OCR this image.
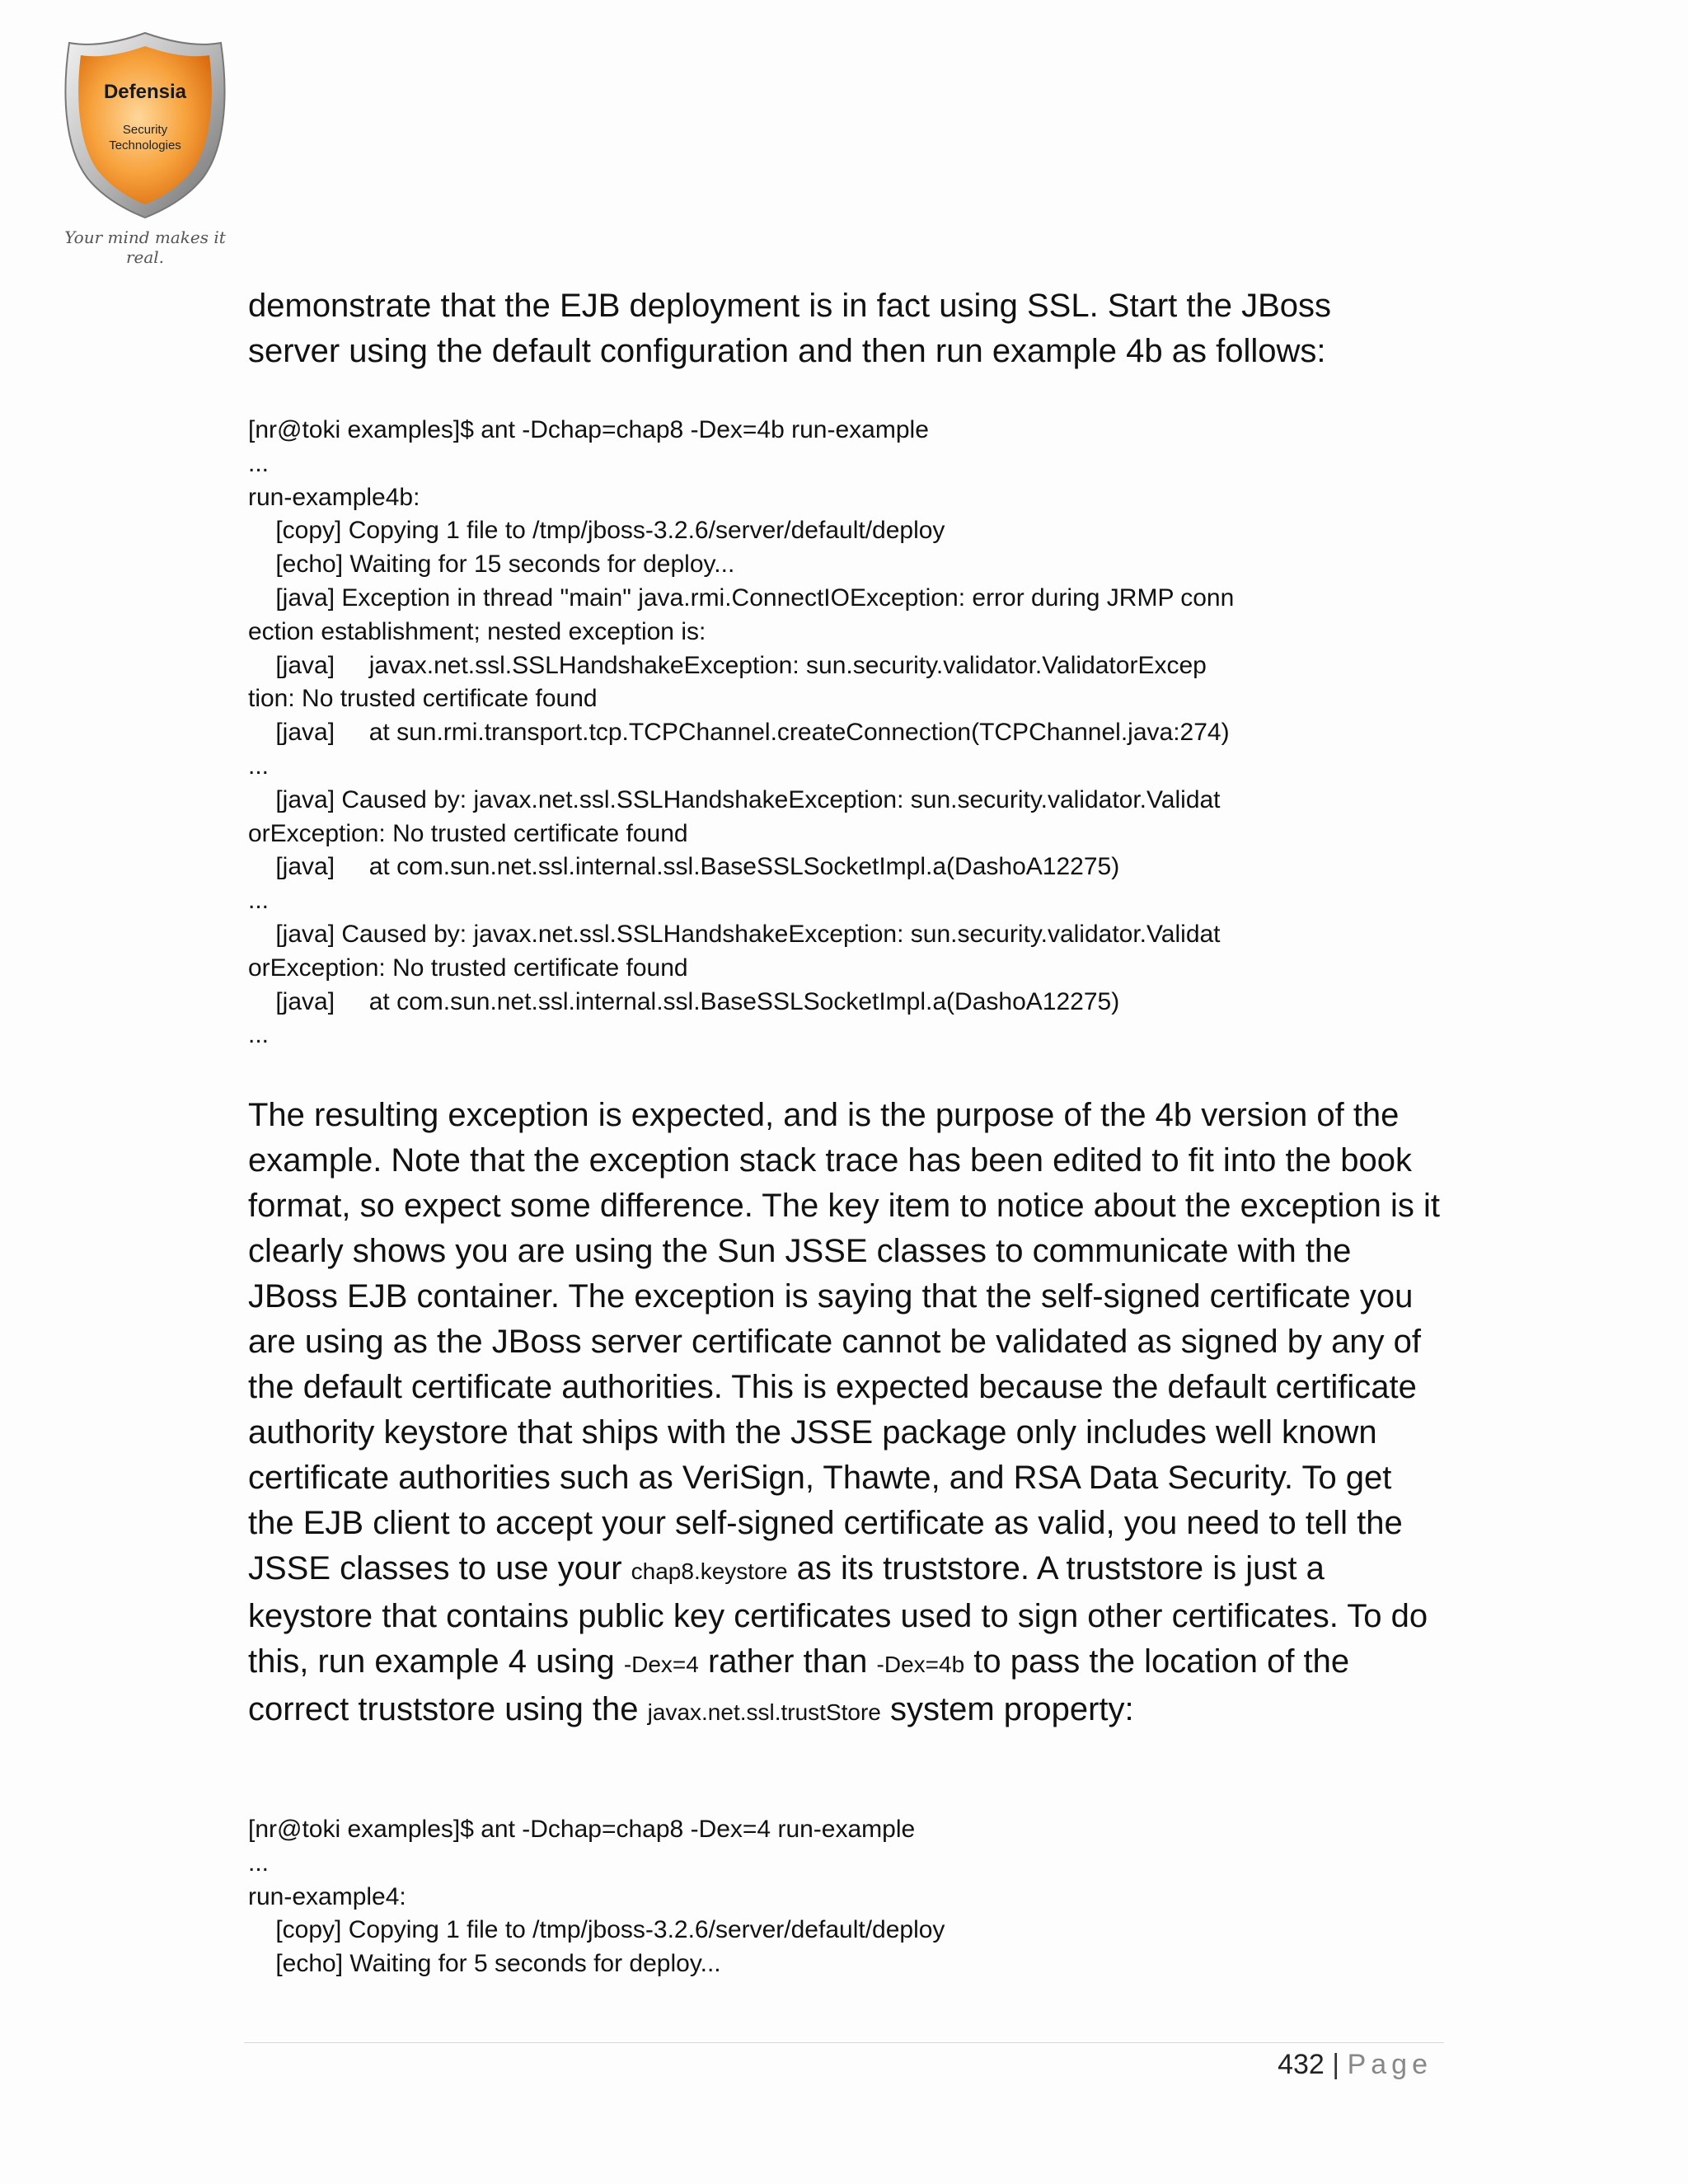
Defensia
Security
Technologies
Your mind makes it real.

demonstrate that the EJB deployment is in fact using SSL. Start the JBoss

server using the default configuration and then run example 4b as follows:

[nr@toki examples]$ ant -Dchap=chap8 -Dex=4b run-example
...
run-example4b:
[copy] Copying 1 file to /tmp/jboss-3.2.6/server/default/deploy
[echo] Waiting for 15 seconds for deploy...
[java] Exception in thread "main" java.rmi.ConnectIOException: error during JRMP conn
ection establishment; nested exception is:
[java]     javax.net.ssl.SSLHandshakeException: sun.security.validator.ValidatorExcep
tion: No trusted certificate found
[java]     at sun.rmi.transport.tcp.TCPChannel.createConnection(TCPChannel.java:274)
...
[java] Caused by: javax.net.ssl.SSLHandshakeException: sun.security.validator.Validat
orException: No trusted certificate found
[java]     at com.sun.net.ssl.internal.ssl.BaseSSLSocketImpl.a(DashoA12275)
...
[java] Caused by: javax.net.ssl.SSLHandshakeException: sun.security.validator.Validat
orException: No trusted certificate found
[java]     at com.sun.net.ssl.internal.ssl.BaseSSLSocketImpl.a(DashoA12275)
...

The resulting exception is expected, and is the purpose of the 4b version of the example. Note that the exception stack trace has been edited to fit into the book format, so expect some difference. The key item to notice about the exception is it clearly shows you are using the Sun JSSE classes to communicate with the JBoss EJB container. The exception is saying that the self-signed certificate you are using as the JBoss server certificate cannot be validated as signed by any of the default certificate authorities. This is expected because the default certificate authority keystore that ships with the JSSE package only includes well known certificate authorities such as VeriSign, Thawte, and RSA Data Security. To get the EJB client to accept your self-signed certificate as valid, you need to tell the JSSE classes to use your chap8.keystore as its truststore. A truststore is just a keystore that contains public key certificates used to sign other certificates. To do this, run example 4 using -Dex=4 rather than -Dex=4b to pass the location of the correct truststore using the javax.net.ssl.trustStore system property:

[nr@toki examples]$ ant -Dchap=chap8 -Dex=4 run-example
...
run-example4:
[copy] Copying 1 file to /tmp/jboss-3.2.6/server/default/deploy
[echo] Waiting for 5 seconds for deploy...
432 | Page
